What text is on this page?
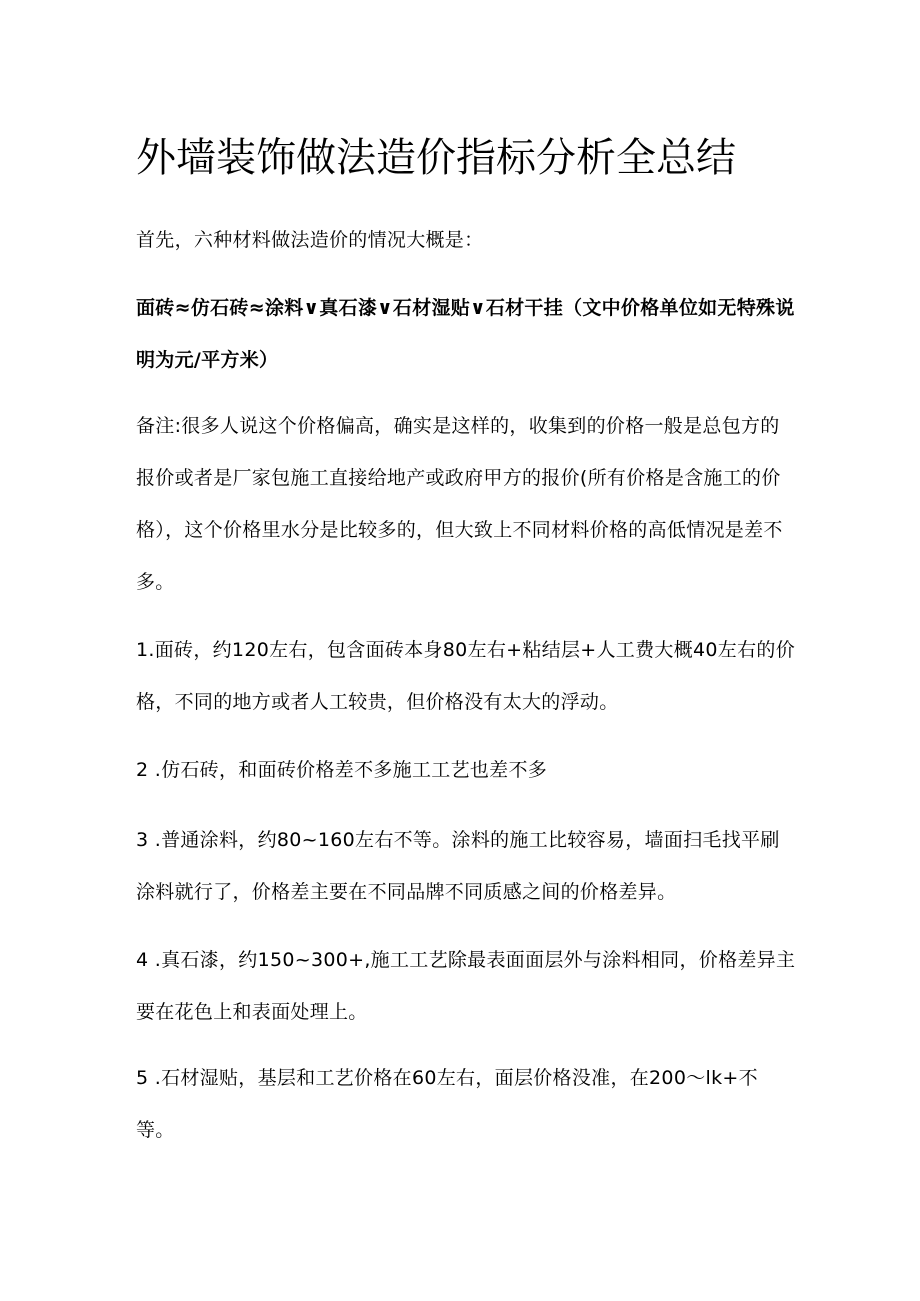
外墙装饰做法造价指标分析全总结

首先，六种材料做法造价的情况大概是：

面砖≈仿石砖≈涂料∨真石漆∨石材湿贴∨石材干挂（文中价格单位如无特殊说明为元/平方米）

备注:很多人说这个价格偏高，确实是这样的，收集到的价格一般是总包方的报价或者是厂家包施工直接给地产或政府甲方的报价(所有价格是含施工的价格），这个价格里水分是比较多的，但大致上不同材料价格的高低情况是差不多。

1.面砖，约120左右，包含面砖本身80左右+粘结层+人工费大概40左右的价格，不同的地方或者人工较贵，但价格没有太大的浮动。

2 .仿石砖，和面砖价格差不多施工工艺也差不多

3 .普通涂料，约80~160左右不等。涂料的施工比较容易，墙面扫毛找平刷涂料就行了，价格差主要在不同品牌不同质感之间的价格差异。

4 .真石漆，约150~300+,施工工艺除最表面面层外与涂料相同，价格差异主要在花色上和表面处理上。

5 .石材湿贴，基层和工艺价格在60左右，面层价格没准，在200～lk+不等。
